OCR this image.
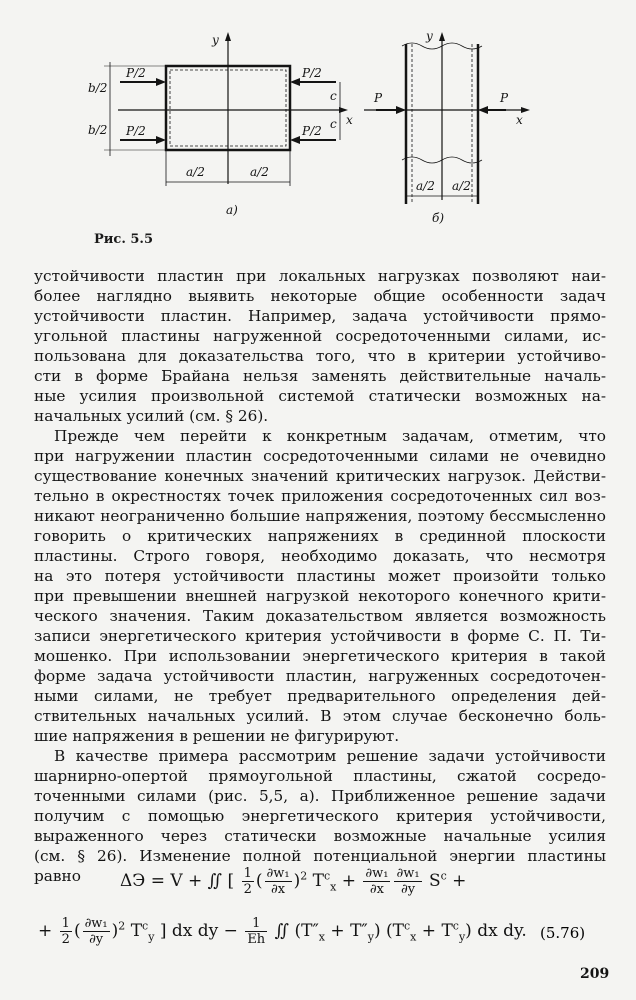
P/2
P/2
P/2
P/2
b/2
b/2
c
c
a/2	a/2
x
y
а)
P	P
a/2 a/2
x
y
б)
Рис. 5.5

устойчивости пластин при локальных нагрузках позволяют наи-

более наглядно выявить некоторые общие особенности задач

устойчивости пластин. Например, задача устойчивости прямо-

угольной пластины нагруженной сосредоточенными силами, ис-

пользована для доказательства того, что в критерии устойчиво-

сти в форме Брайана нельзя заменять действительные началь-

ные усилия произвольной системой статически возможных на-

начальных усилий (см. § 26).

Прежде чем перейти к конкретным задачам, отметим, что

при нагружении пластин сосредоточенными силами не очевидно

существование конечных значений критических нагрузок. Действи-

тельно в окрестностях точек приложения сосредоточенных сил воз-

никают неограниченно большие напряжения, поэтому бессмысленно

говорить о критических напряжениях в срединной плоскости

пластины. Строго говоря, необходимо доказать, что несмотря

на это потеря устойчивости пластины может произойти только

при превышении внешней нагрузкой некоторого конечного крити-

ческого значения. Таким доказательством является возможность

записи энергетического критерия устойчивости в форме С. П. Ти-

мошенко. При использовании энергетического критерия в такой

форме задача устойчивости пластин, нагруженных сосредоточен-

ными силами, не требует предварительного определения дей-

ствительных начальных усилий. В этом случае бесконечно боль-

шие напряжения в решении не фигурируют.

В качестве примера рассмотрим решение задачи устойчивости

шарнирно-опертой прямоугольной пластины, сжатой сосредо-

точенными силами (рис. 5,5, а). Приближенное решение задачи

получим с помощью энергетического критерия устойчивости,

выраженного через статически возможные начальные усилия

(см. § 26). Изменение полной потенциальной энергии пластины

равно	ΔЭ = V + ∬ [ $\frac{1}{2}$ ( $\frac{\text{∂w₁}}{\partial x} )^2$ $T^c_x + \frac{\text{∂w₁}}{\partial x} \frac{\text{∂w₁}}{\partial y} S^c$ +
+ $\frac{1}{2}$ ( $\frac{\text{∂w₁}}{\partial y} )^2$ $T^c_y$ ] dx dy − $\frac{1}{Eh}$ ∬ $(T''_x + T''_y) (T^c_x + T^c_y)$ dx dy. (5.76)
209
